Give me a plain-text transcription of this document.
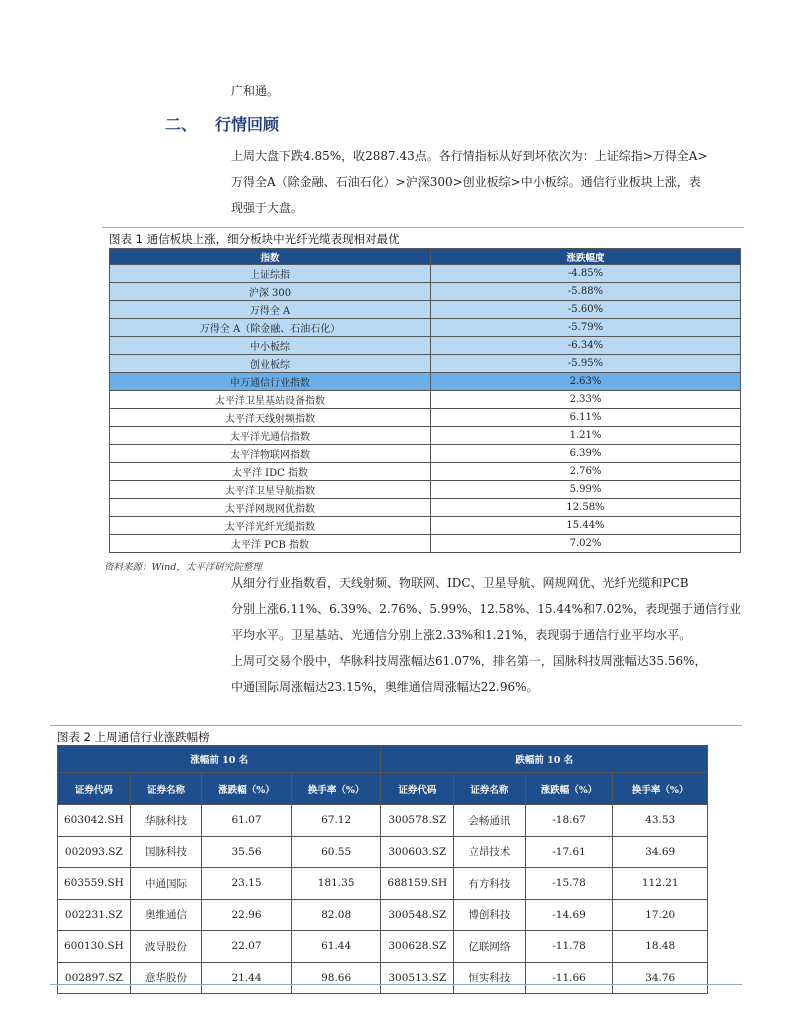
广和通。
二、 行情回顾
上周大盘下跌4.85%，收2887.43点。各行情指标从好到坏依次为：上证综指>万得全A>
万得全A（除金融、石油石化）>沪深300>创业板综>中小板综。通信行业板块上涨，表
现强于大盘。
图表 1 通信板块上涨，细分板块中光纤光缆表现相对最优
指数	涨跌幅度
上证综指	-4.85%
沪深 300	-5.88%
万得全 A	-5.60%
万得全 A（除金融、石油石化）	-5.79%
中小板综	-6.34%
创业板综	-5.95%
申万通信行业指数	2.63%
太平洋卫星基站设备指数	2.33%
太平洋天线射频指数	6.11%
太平洋光通信指数	1.21%
太平洋物联网指数	6.39%
太平洋 IDC 指数	2.76%
太平洋卫星导航指数	5.99%
太平洋网规网优指数	12.58%
太平洋光纤光缆指数	15.44%
太平洋 PCB 指数	7.02%
资料来源：Wind，太平洋研究院整理
从细分行业指数看，天线射频、物联网、IDC、卫星导航、网规网优、光纤光缆和PCB
分别上涨6.11%、6.39%、2.76%、5.99%、12.58%、15.44%和7.02%，表现强于通信行业
平均水平。卫星基站、光通信分别上涨2.33%和1.21%，表现弱于通信行业平均水平。
上周可交易个股中，华脉科技周涨幅达61.07%，排名第一，国脉科技周涨幅达35.56%，
中通国际周涨幅达23.15%，奥维通信周涨幅达22.96%。
图表 2 上周通信行业涨跌幅榜
涨幅前 10 名				跌幅前 10 名			
证券代码	证券名称	涨跌幅（%）	换手率（%）	证券代码	证券名称	涨跌幅（%）	换手率（%）
603042.SH	华脉科技	61.07	67.12	300578.SZ	会畅通讯	-18.67	43.53
002093.SZ	国脉科技	35.56	60.55	300603.SZ	立昂技术	-17.61	34.69
603559.SH	中通国际	23.15	181.35	688159.SH	有方科技	-15.78	112.21
002231.SZ	奥维通信	22.96	82.08	300548.SZ	博创科技	-14.69	17.20
600130.SH	波导股份	22.07	61.44	300628.SZ	亿联网络	-11.78	18.48
002897.SZ	意华股份	21.44	98.66	300513.SZ	恒实科技	-11.66	34.76
